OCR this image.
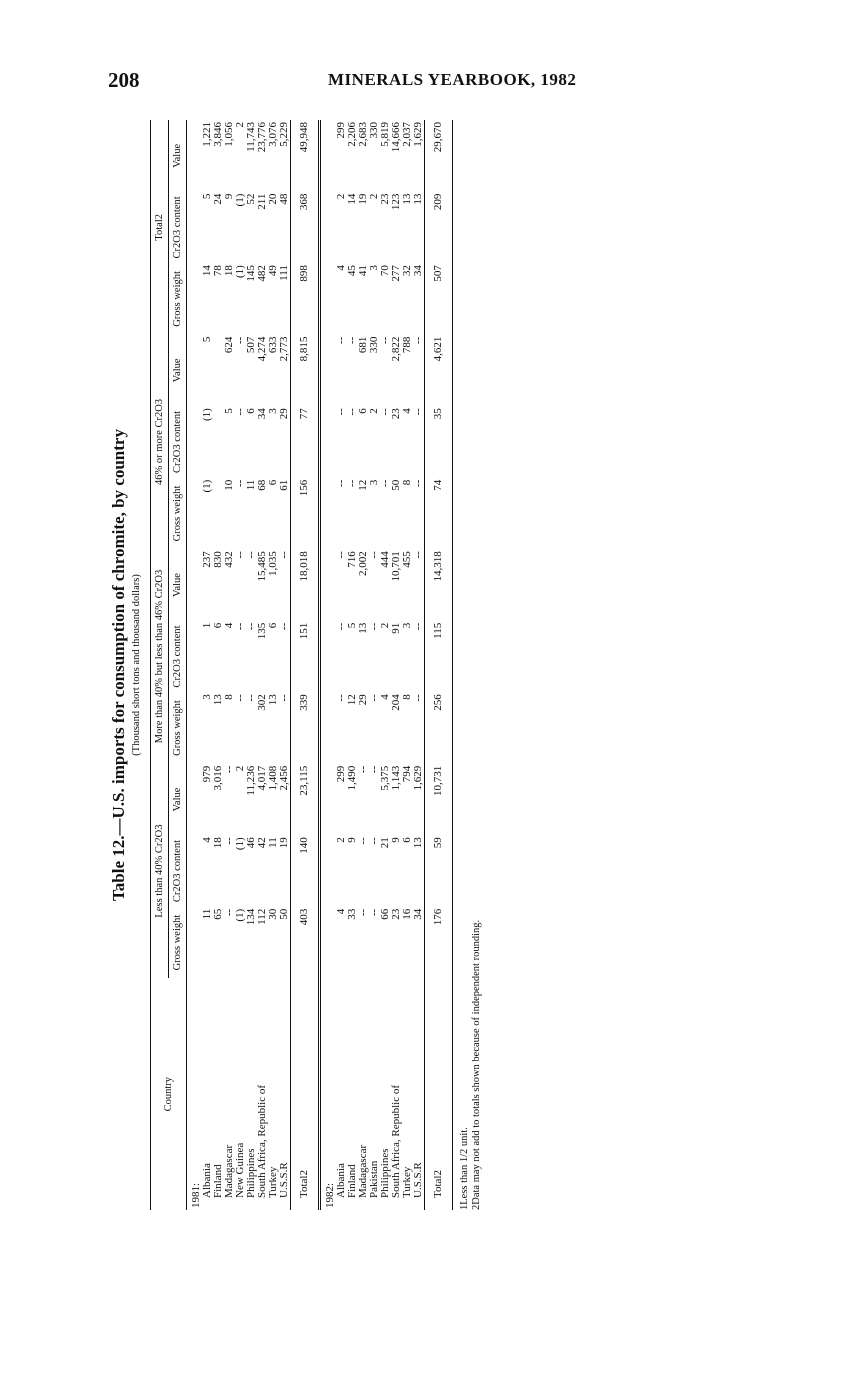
208	MINERALS YEARBOOK, 1982

Table 12.—U.S. imports for consumption of chromite, by country (Thousand short tons and thousand dollars)

Country	Less than 40% Cr2O3			More than 40% but less than 46% Cr2O3			46% or more Cr2O3			Total2		
	Gross weight	Cr2O3 content	Value	Gross weight	Cr2O3 content	Value	Gross weight	Cr2O3 content	Value	Gross weight	Cr2O3 content	Value
1981:												
Albania	11	4	979	3	1	237	(1)	(1)	5	14	5	1,221
Finland	65	18	3,016	13	6	830				78	24	3,846
Madagascar	--	--	--	8	4	432	10	5	624	18	9	1,056
New Guinea	(1)	(1)	2	--	--	--	--	--	--	(1)	(1)	2
Philippines	134	46	11,236	--	--	--	11	6	507	145	52	11,743
South Africa, Republic of	112	42	4,017	302	135	15,485	68	34	4,274	482	211	23,776
Turkey	30	11	1,408	13	6	1,035	6	3	633	49	20	3,076
U.S.S.R	50	19	2,456	--	--	--	61	29	2,773	111	48	5,229
Total2	403	140	23,115	339	151	18,018	156	77	8,815	898	368	49,948
1982:												
Albania	4	2	299	--	--	--	--	--	--	4	2	299
Finland	33	9	1,490	12	5	716	--	--	--	45	14	2,206
Madagascar	--	--	--	29	13	2,002	12	6	681	41	19	2,683
Pakistan	--	--	--	--	--	--	3	2	330	3	2	330
Philippines	66	21	5,375	4	2	444	--	--	--	70	23	5,819
South Africa, Republic of	23	9	1,143	204	91	10,701	50	23	2,822	277	123	14,666
Turkey	16	6	794	8	3	455	8	4	788	32	13	2,037
U.S.S.R	34	13	1,629	--	--	--	--	--	--	34	13	1,629
Total2	176	59	10,731	256	115	14,318	74	35	4,621	507	209	29,670
1Less than 1/2 unit. 2Data may not add to totals shown because of independent rounding.
